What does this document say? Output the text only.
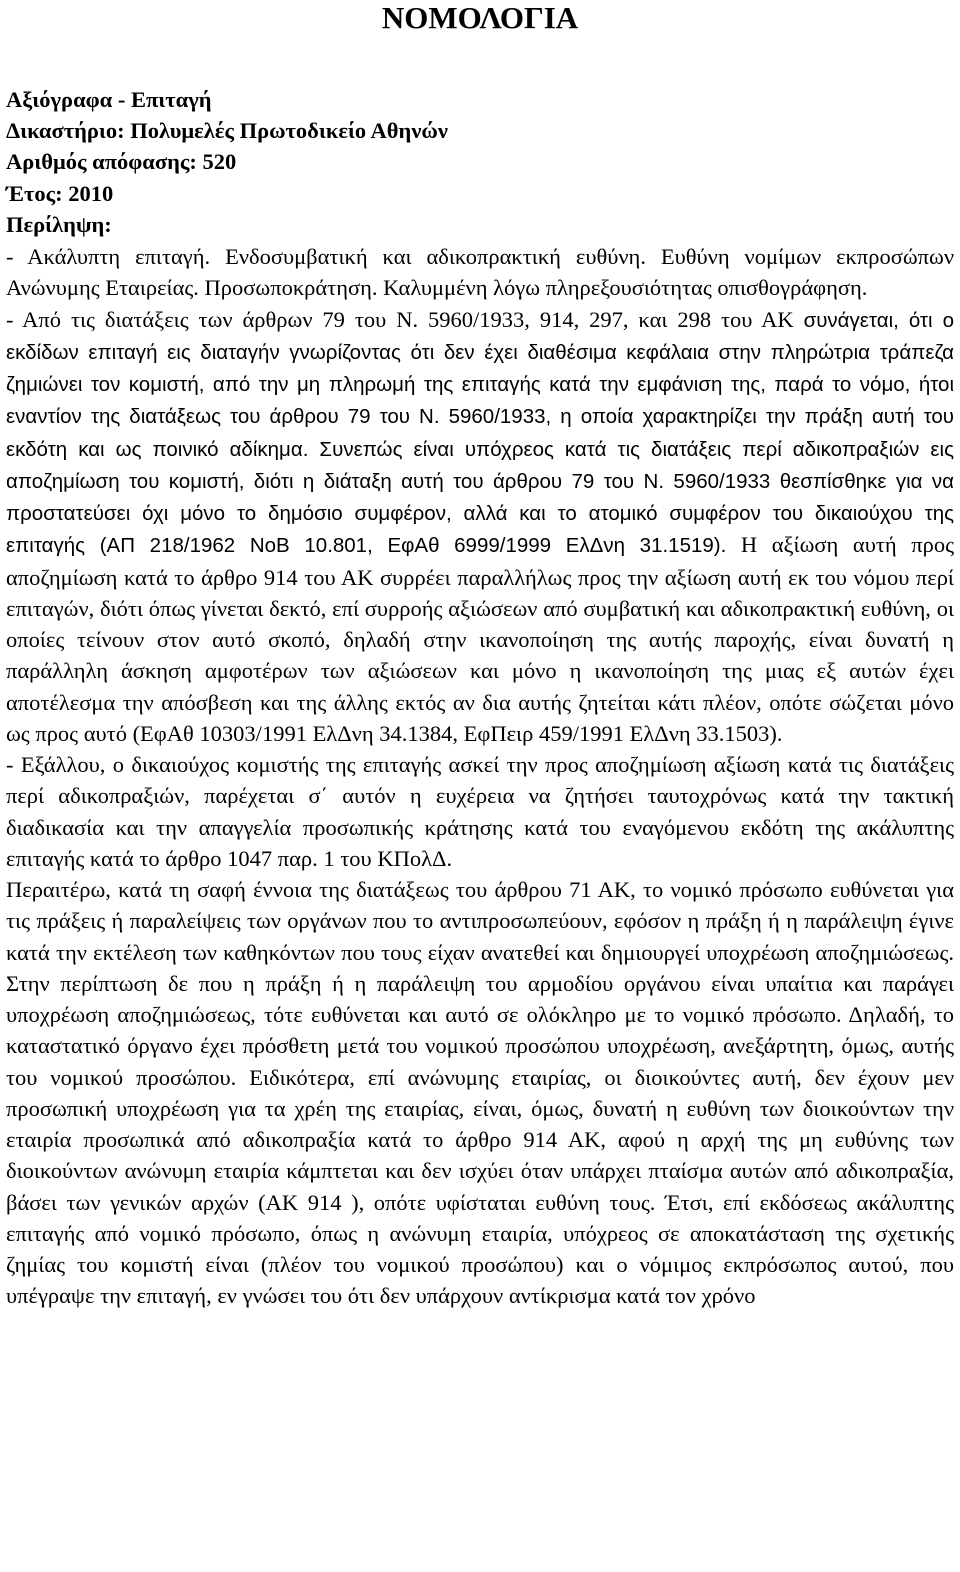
ΝΟΜΟΛΟΓΙΑ
Αξιόγραφα - Επιταγή
Δικαστήριο: Πολυμελές Πρωτοδικείο Αθηνών
Αριθμός απόφασης: 520
Έτος: 2010
Περίληψη:

- Ακάλυπτη επιταγή. Ενδοσυμβατική και αδικοπρακτική ευθύνη. Ευθύνη νομίμων εκπροσώπων Ανώνυμης Εταιρείας. Προσωποκράτηση. Καλυμμένη λόγω πληρεξουσιότητας οπισθογράφηση.

- Από τις διατάξεις των άρθρων 79 του Ν. 5960/1933, 914, 297, και 298 του ΑΚ συνάγεται, ότι ο εκδίδων επιταγή εις διαταγήν γνωρίζοντας ότι δεν έχει διαθέσιμα κεφάλαια στην πληρώτρια τράπεζα ζημιώνει τον κομιστή, από την μη πληρωμή της επιταγής κατά την εμφάνιση της, παρά το νόμο, ήτοι εναντίον της διατάξεως του άρθρου 79 του Ν. 5960/1933, η οποία χαρακτηρίζει την πράξη αυτή του εκδότη και ως ποινικό αδίκημα. Συνεπώς είναι υπόχρεος κατά τις διατάξεις περί αδικοπραξιών εις αποζημίωση του κομιστή, διότι η διάταξη αυτή του άρθρου 79 του Ν. 5960/1933 θεσπίσθηκε για να προστατεύσει όχι μόνο το δημόσιο συμφέρον, αλλά και το ατομικό συμφέρον του δικαιούχου της επιταγής (ΑΠ 218/1962 ΝοΒ 10.801, ΕφΑθ 6999/1999 ΕλΔνη 31.1519). Η αξίωση αυτή προς αποζημίωση κατά το άρθρο 914 του ΑΚ συρρέει παραλλήλως προς την αξίωση αυτή εκ του νόμου περί επιταγών, διότι όπως γίνεται δεκτό, επί συρροής αξιώσεων από συμβατική και αδικοπρακτική ευθύνη, οι οποίες τείνουν στον αυτό σκοπό, δηλαδή στην ικανοποίηση της αυτής παροχής, είναι δυνατή η παράλληλη άσκηση αμφοτέρων των αξιώσεων και μόνο η ικανοποίηση της μιας εξ αυτών έχει αποτέλεσμα την απόσβεση και της άλλης εκτός αν δια αυτής ζητείται κάτι πλέον, οπότε σώζεται μόνο ως προς αυτό (ΕφΑθ 10303/1991 ΕλΔνη 34.1384, ΕφΠειρ 459/1991 ΕλΔνη 33.1503).

- Εξάλλου, ο δικαιούχος κομιστής της επιταγής ασκεί την προς αποζημίωση αξίωση κατά τις διατάξεις περί αδικοπραξιών, παρέχεται σ΄ αυτόν η ευχέρεια να ζητήσει ταυτοχρόνως κατά την τακτική διαδικασία και την απαγγελία προσωπικής κράτησης κατά του εναγόμενου εκδότη της ακάλυπτης επιταγής κατά το άρθρο 1047 παρ. 1 του ΚΠολΔ.

Περαιτέρω, κατά τη σαφή έννοια της διατάξεως του άρθρου 71 ΑΚ, το νομικό πρόσωπο ευθύνεται για τις πράξεις ή παραλείψεις των οργάνων που το αντιπροσωπεύουν, εφόσον η πράξη ή η παράλειψη έγινε κατά την εκτέλεση των καθηκόντων που τους είχαν ανατεθεί και δημιουργεί υποχρέωση αποζημιώσεως. Στην περίπτωση δε που η πράξη ή η παράλειψη του αρμοδίου οργάνου είναι υπαίτια και παράγει υποχρέωση αποζημιώσεως, τότε ευθύνεται και αυτό σε ολόκληρο με το νομικό πρόσωπο. Δηλαδή, το καταστατικό όργανο έχει πρόσθετη μετά του νομικού προσώπου υποχρέωση, ανεξάρτητη, όμως, αυτής του νομικού προσώπου. Ειδικότερα, επί ανώνυμης εταιρίας, οι διοικούντες αυτή, δεν έχουν μεν προσωπική υποχρέωση για τα χρέη της εταιρίας, είναι, όμως, δυνατή η ευθύνη των διοικούντων την εταιρία προσωπικά από αδικοπραξία κατά το άρθρο 914 ΑΚ, αφού η αρχή της μη ευθύνης των διοικούντων ανώνυμη εταιρία κάμπτεται και δεν ισχύει όταν υπάρχει πταίσμα αυτών από αδικοπραξία, βάσει των γενικών αρχών (ΑΚ 914 ), οπότε υφίσταται ευθύνη τους. Έτσι, επί εκδόσεως ακάλυπτης επιταγής από νομικό πρόσωπο, όπως η ανώνυμη εταιρία, υπόχρεος σε αποκατάσταση της σχετικής ζημίας του κομιστή είναι (πλέον του νομικού προσώπου) και ο νόμιμος εκπρόσωπος αυτού, που υπέγραψε την επιταγή, εν γνώσει του ότι δεν υπάρχουν αντίκρισμα κατά τον χρόνο
